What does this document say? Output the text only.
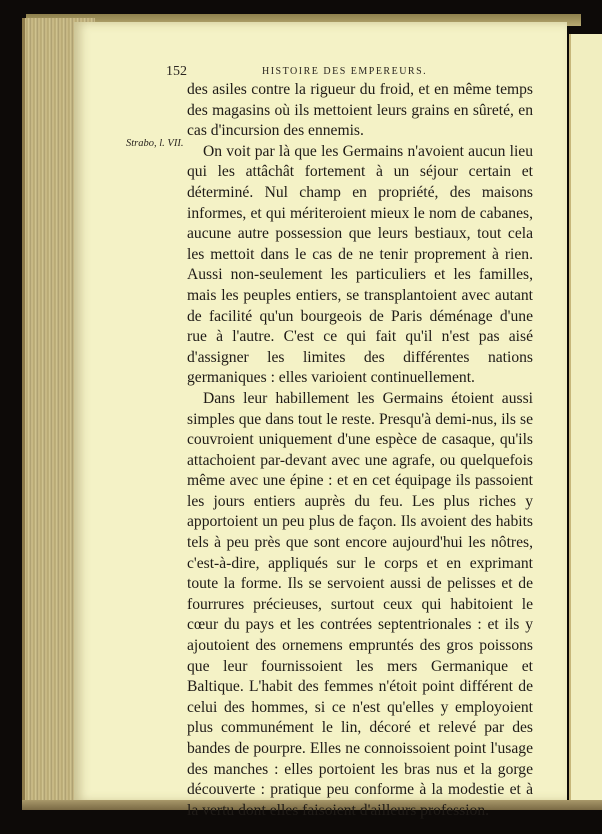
152	HISTOIRE DES EMPEREURS.
Strabo, l. VII.

des asiles contre la rigueur du froid, et en même temps des magasins où ils mettoient leurs grains en sûreté, en cas d'incursion des ennemis.

On voit par là que les Germains n'avoient aucun lieu qui les attâchât fortement à un séjour certain et déterminé. Nul champ en propriété, des maisons informes, et qui mériteroient mieux le nom de cabanes, aucune autre possession que leurs bestiaux, tout cela les mettoit dans le cas de ne tenir proprement à rien. Aussi non-seulement les particuliers et les familles, mais les peuples entiers, se transplantoient avec autant de facilité qu'un bourgeois de Paris déménage d'une rue à l'autre. C'est ce qui fait qu'il n'est pas aisé d'assigner les limites des différentes nations germaniques : elles varioient continuellement.

Dans leur habillement les Germains étoient aussi simples que dans tout le reste. Presqu'à demi-nus, ils se couvroient uniquement d'une espèce de casaque, qu'ils attachoient par-devant avec une agrafe, ou quelquefois même avec une épine : et en cet équipage ils passoient les jours entiers auprès du feu. Les plus riches y apportoient un peu plus de façon. Ils avoient des habits tels à peu près que sont encore aujourd'hui les nôtres, c'est-à-dire, appliqués sur le corps et en exprimant toute la forme. Ils se servoient aussi de pelisses et de fourrures précieuses, surtout ceux qui habitoient le cœur du pays et les contrées septentrionales : et ils y ajoutoient des ornemens empruntés des gros poissons que leur fournissoient les mers Germanique et Baltique. L'habit des femmes n'étoit point différent de celui des hommes, si ce n'est qu'elles y employoient plus communément le lin, décoré et relevé par des bandes de pourpre. Elles ne connoissoient point l'usage des manches : elles portoient les bras nus et la gorge découverte : pratique peu conforme à la modestie et à la vertu dont elles faisoient d'ailleurs profession.
